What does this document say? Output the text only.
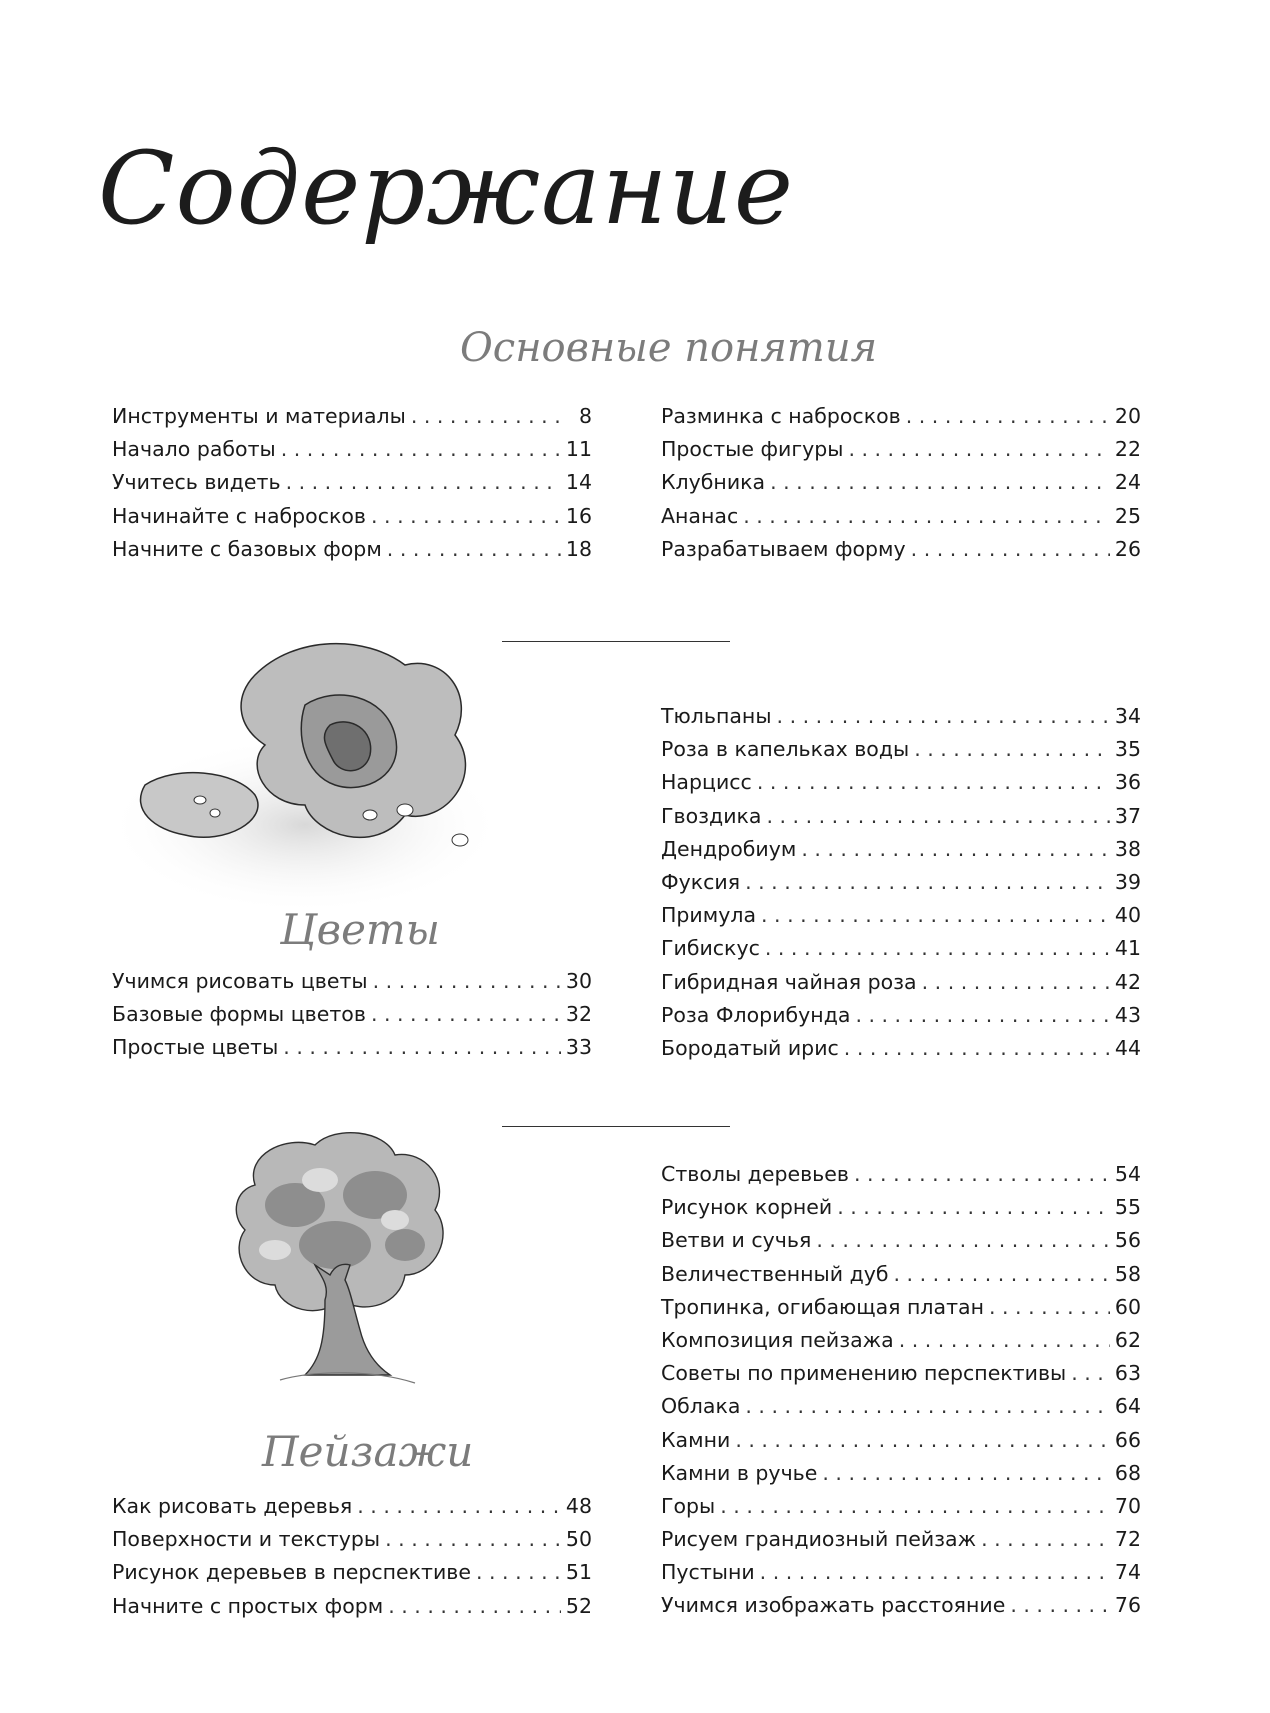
Содержание
Основные понятия
Инструменты и материалы . . .	8
Начало работы . . .	11
Учитесь видеть . . .	14
Начинайте с набросков . . .	16
Начните с базовых форм . . .	18
Разминка с набросков . . .	20
Простые фигуры . . .	22
Клубника . . .	24
Ананас . . .	25
Разрабатываем форму . . .	26
Цветы
Тюльпаны . . .	34
Роза в капельках воды . . .	35
Нарцисс . . .	36
Гвоздика . . .	37
Дендробиум . . .	38
Фуксия . . .	39
Примула . . .	40
Гибискус . . .	41
Гибридная чайная роза . . .	42
Роза Флорибунда . . .	43
Бородатый ирис . . .	44
Учимся рисовать цветы . . .	30
Базовые формы цветов . . .	32
Простые цветы . . .	33
Пейзажи
Стволы деревьев . . .	54
Рисунок корней . . .	55
Ветви и сучья . . .	56
Величественный дуб . . .	58
Тропинка, огибающая платан . . .	60
Композиция пейзажа . . .	62
Советы по применению перспективы . . . 63
Облака . . .	64
Камни . . .	66
Камни в ручье . . .	68
Горы . . .	70
Рисуем грандиозный пейзаж . . .	72
Пустыни . . .	74
Учимся изображать расстояние . . .	76
Как рисовать деревья . . .	48
Поверхности и текстуры . . .	50
Рисунок деревьев в перспективе . . .	51
Начните с простых форм . . .	52
